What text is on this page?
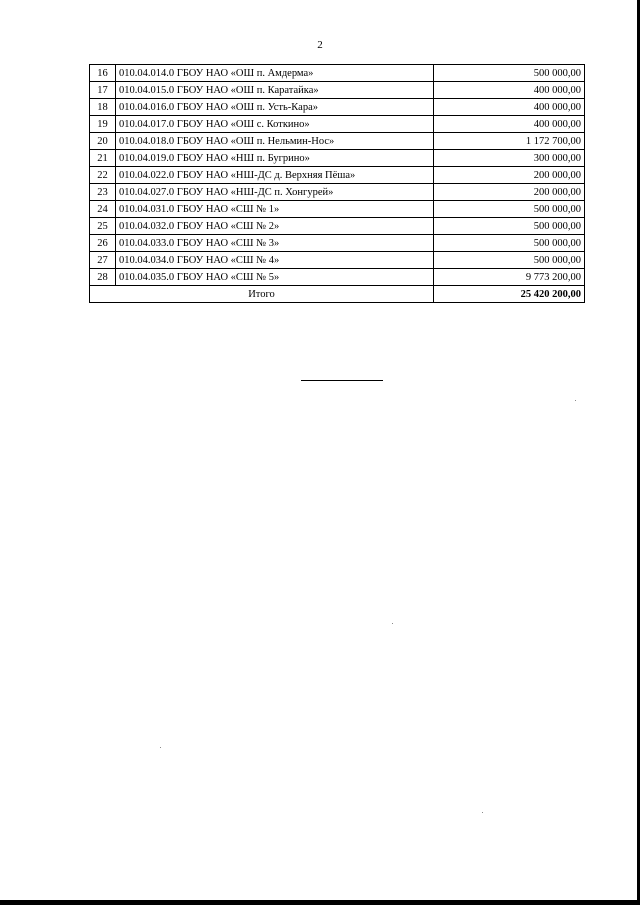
2
16	010.04.014.0 ГБОУ НАО «ОШ п. Амдерма»	500 000,00
17	010.04.015.0 ГБОУ НАО «ОШ п. Каратайка»	400 000,00
18	010.04.016.0 ГБОУ НАО «ОШ п. Усть-Кара»	400 000,00
19	010.04.017.0 ГБОУ НАО «ОШ с. Коткино»	400 000,00
20	010.04.018.0 ГБОУ НАО «ОШ п. Нельмин-Нос»	1 172 700,00
21	010.04.019.0 ГБОУ НАО «НШ п. Бугрино»	300 000,00
22	010.04.022.0 ГБОУ НАО «НШ-ДС д. Верхняя Пёша»	200 000,00
23	010.04.027.0 ГБОУ НАО «НШ-ДС п. Хонгурей»	200 000,00
24	010.04.031.0 ГБОУ НАО «СШ № 1»	500 000,00
25	010.04.032.0 ГБОУ НАО «СШ № 2»	500 000,00
26	010.04.033.0 ГБОУ НАО «СШ № 3»	500 000,00
27	010.04.034.0 ГБОУ НАО «СШ № 4»	500 000,00
28	010.04.035.0 ГБОУ НАО «СШ № 5»	9 773 200,00
Итого		25 420 200,00
